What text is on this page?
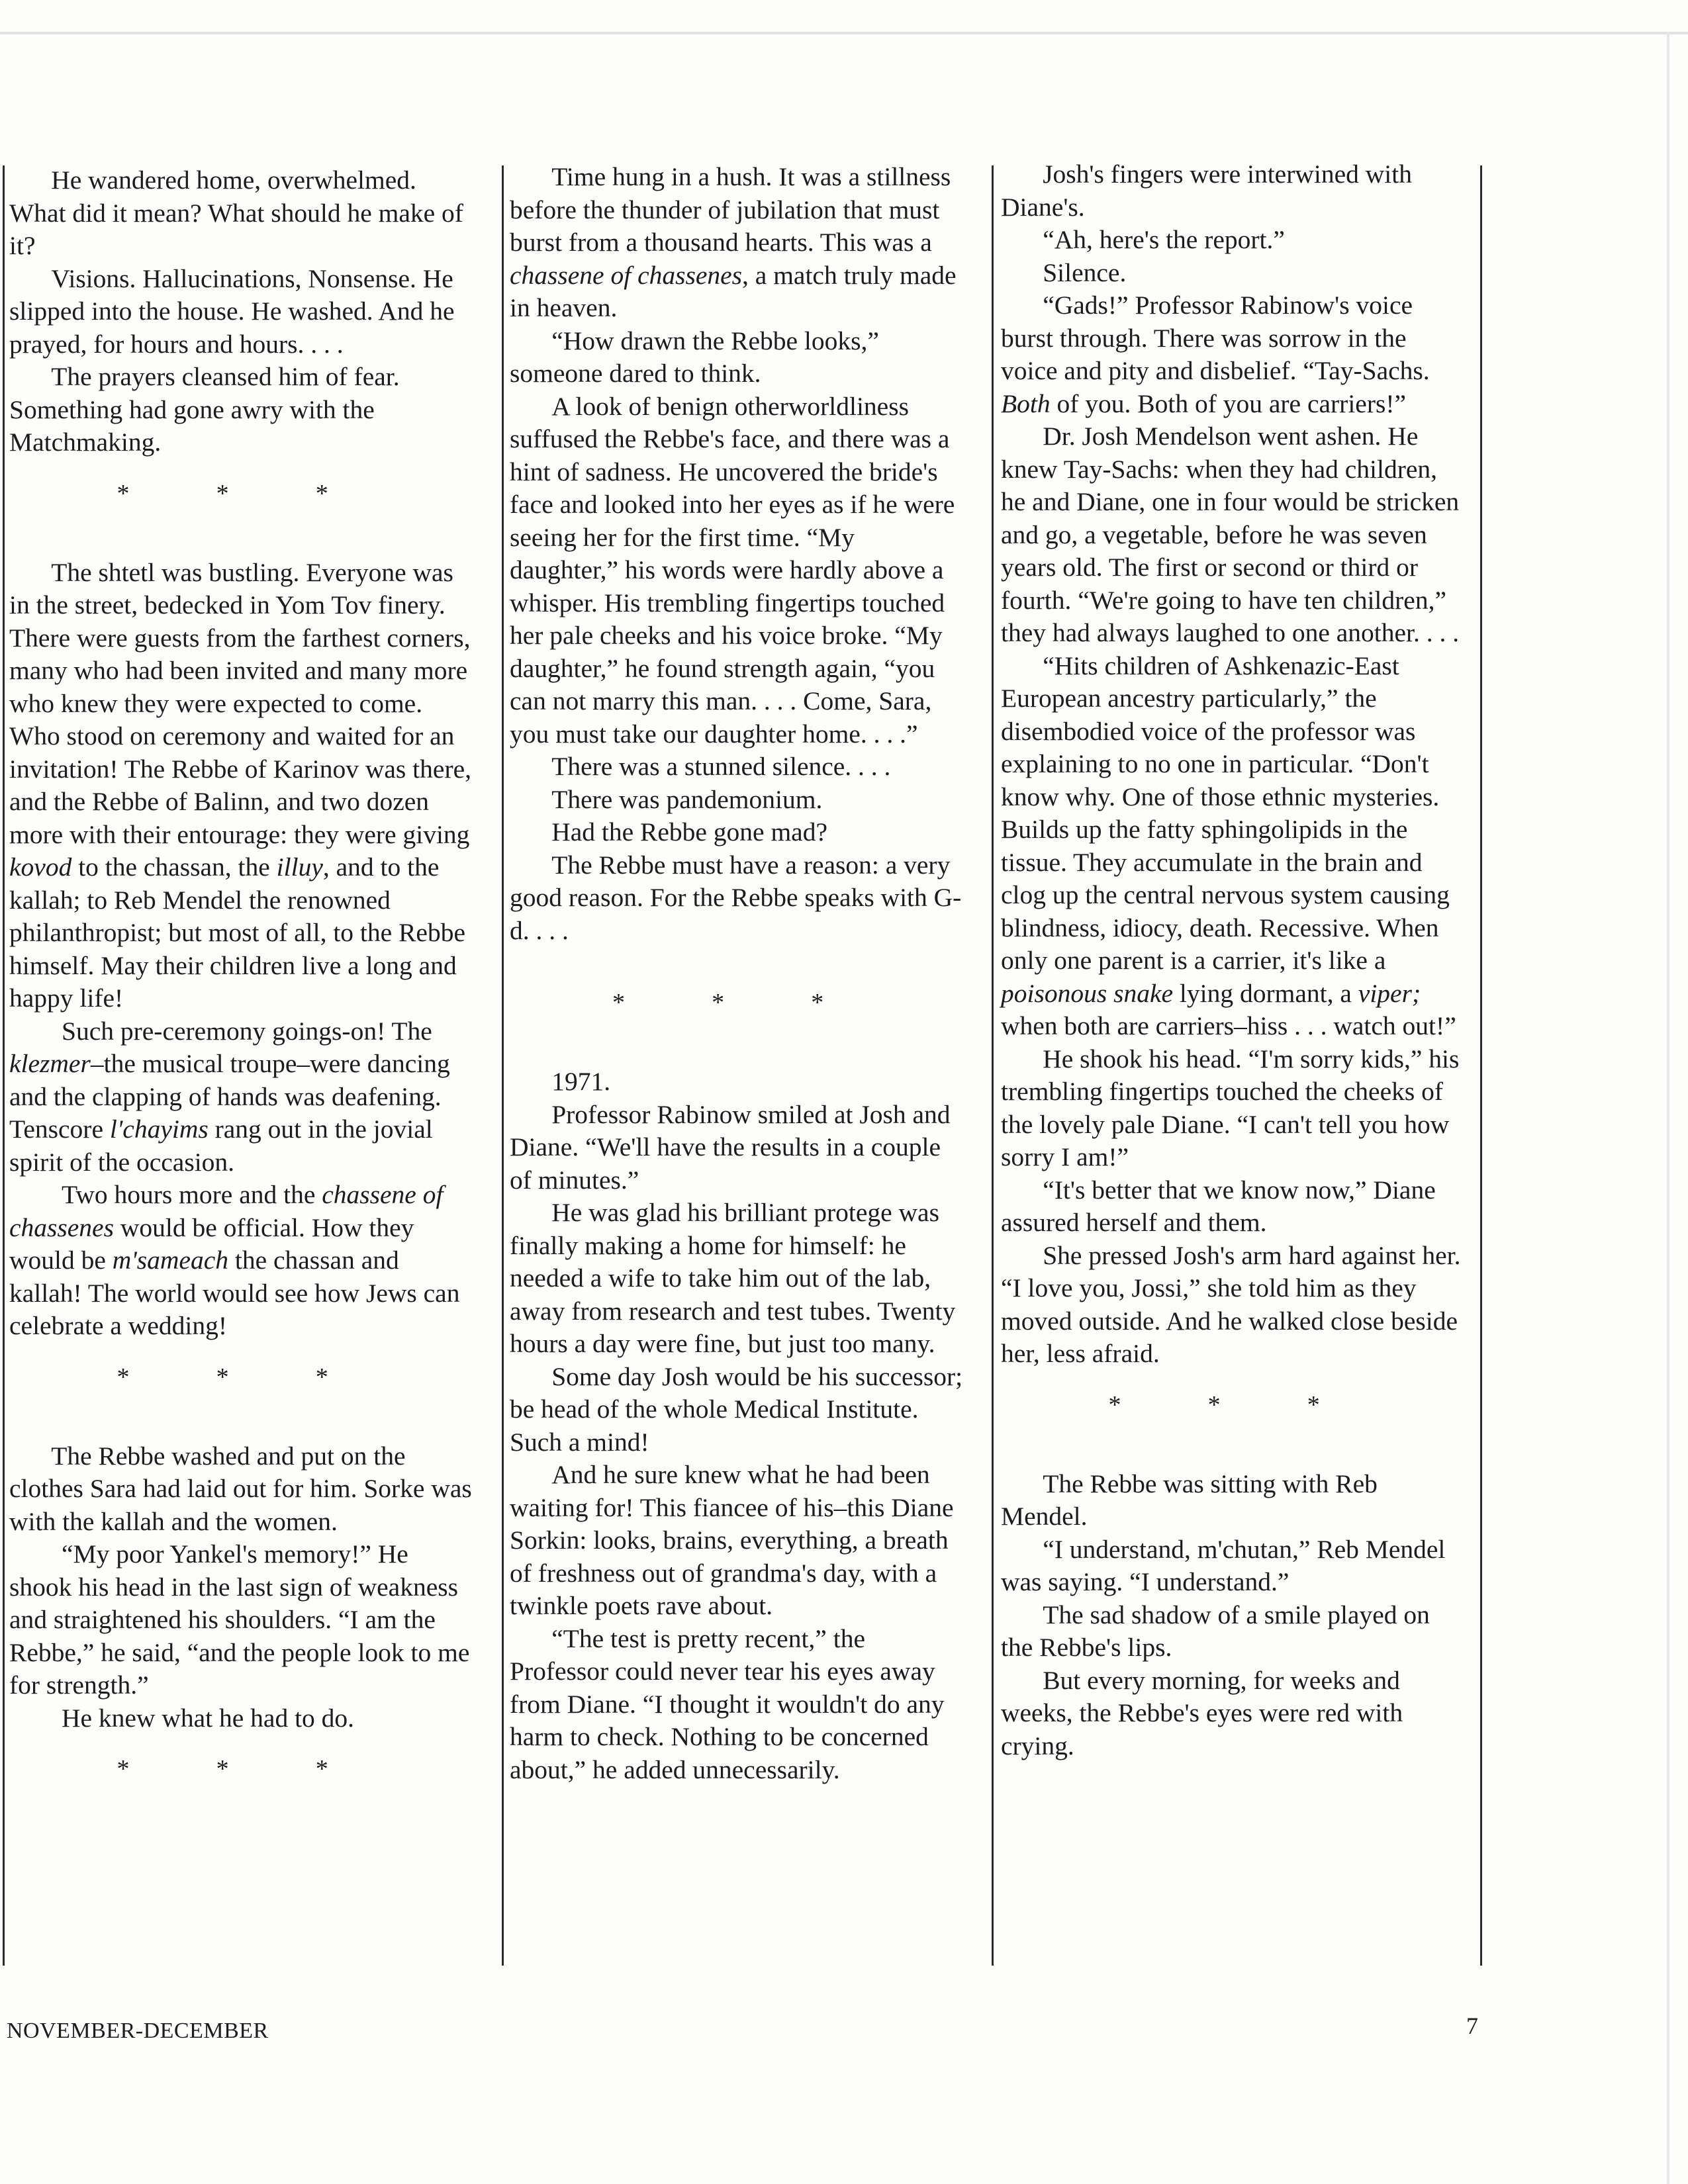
He wandered home, overwhelmed. What did it mean? What should he make of it?

Visions. Hallucinations, Nonsense. He slipped into the house. He washed. And he prayed, for hours and hours. . . .

The prayers cleansed him of fear. Something had gone awry with the Matchmaking.

* * *

The shtetl was bustling. Everyone was in the street, bedecked in Yom Tov finery. There were guests from the farthest corners, many who had been invited and many more who knew they were expected to come. Who stood on ceremony and waited for an invitation! The Rebbe of Karinov was there, and the Rebbe of Balinn, and two dozen more with their entourage: they were giving kovod to the chassan, the illuy, and to the kallah; to Reb Mendel the renowned philanthropist; but most of all, to the Rebbe himself. May their children live a long and happy life!

Such pre-ceremony goings-on! The klezmer–the musical troupe–were dancing and the clapping of hands was deafening. Tenscore l'chayims rang out in the jovial spirit of the occasion.

Two hours more and the chassene of chassenes would be official. How they would be m'sameach the chassan and kallah! The world would see how Jews can celebrate a wedding!

* * *

The Rebbe washed and put on the clothes Sara had laid out for him. Sorke was with the kallah and the women.

“My poor Yankel's memory!” He shook his head in the last sign of weakness and straightened his shoulders. “I am the Rebbe,” he said, “and the people look to me for strength.”

He knew what he had to do.

* * *

Time hung in a hush. It was a stillness before the thunder of jubilation that must burst from a thousand hearts. This was a chassene of chassenes, a match truly made in heaven.

“How drawn the Rebbe looks,” someone dared to think.

A look of benign otherworldliness suffused the Rebbe's face, and there was a hint of sadness. He uncovered the bride's face and looked into her eyes as if he were seeing her for the first time. “My daughter,” his words were hardly above a whisper. His trembling fingertips touched her pale cheeks and his voice broke. “My daughter,” he found strength again, “you can not marry this man. . . . Come, Sara, you must take our daughter home. . . .”

There was a stunned silence. . . .

There was pandemonium.

Had the Rebbe gone mad?

The Rebbe must have a reason: a very good reason. For the Rebbe speaks with G-d. . . .

* * *

1971.

Professor Rabinow smiled at Josh and Diane. “We'll have the results in a couple of minutes.”

He was glad his brilliant protege was finally making a home for himself: he needed a wife to take him out of the lab, away from research and test tubes. Twenty hours a day were fine, but just too many.

Some day Josh would be his successor; be head of the whole Medical Institute. Such a mind!

And he sure knew what he had been waiting for! This fiancee of his–this Diane Sorkin: looks, brains, everything, a breath of freshness out of grandma's day, with a twinkle poets rave about.

“The test is pretty recent,” the Professor could never tear his eyes away from Diane. “I thought it wouldn't do any harm to check. Nothing to be concerned about,” he added unnecessarily.

Josh's fingers were interwined with Diane's.

“Ah, here's the report.”

Silence.

“Gads!” Professor Rabinow's voice burst through. There was sorrow in the voice and pity and disbelief. “Tay-Sachs. Both of you. Both of you are carriers!”

Dr. Josh Mendelson went ashen. He knew Tay-Sachs: when they had children, he and Diane, one in four would be stricken and go, a vegetable, before he was seven years old. The first or second or third or fourth. “We're going to have ten children,” they had always laughed to one another. . . .

“Hits children of Ashkenazic-East European ancestry particularly,” the disembodied voice of the professor was explaining to no one in particular. “Don't know why. One of those ethnic mysteries. Builds up the fatty sphingolipids in the tissue. They accumulate in the brain and clog up the central nervous system causing blindness, idiocy, death. Recessive. When only one parent is a carrier, it's like a poisonous snake lying dormant, a viper; when both are carriers–hiss . . . watch out!”

He shook his head. “I'm sorry kids,” his trembling fingertips touched the cheeks of the lovely pale Diane. “I can't tell you how sorry I am!”

“It's better that we know now,” Diane assured herself and them.

She pressed Josh's arm hard against her. “I love you, Jossi,” she told him as they moved outside. And he walked close beside her, less afraid.

* * *

The Rebbe was sitting with Reb Mendel.

“I understand, m'chutan,” Reb Mendel was saying. “I understand.”

The sad shadow of a smile played on the Rebbe's lips.

But every morning, for weeks and weeks, the Rebbe's eyes were red with crying.

NOVEMBER-DECEMBER	7
